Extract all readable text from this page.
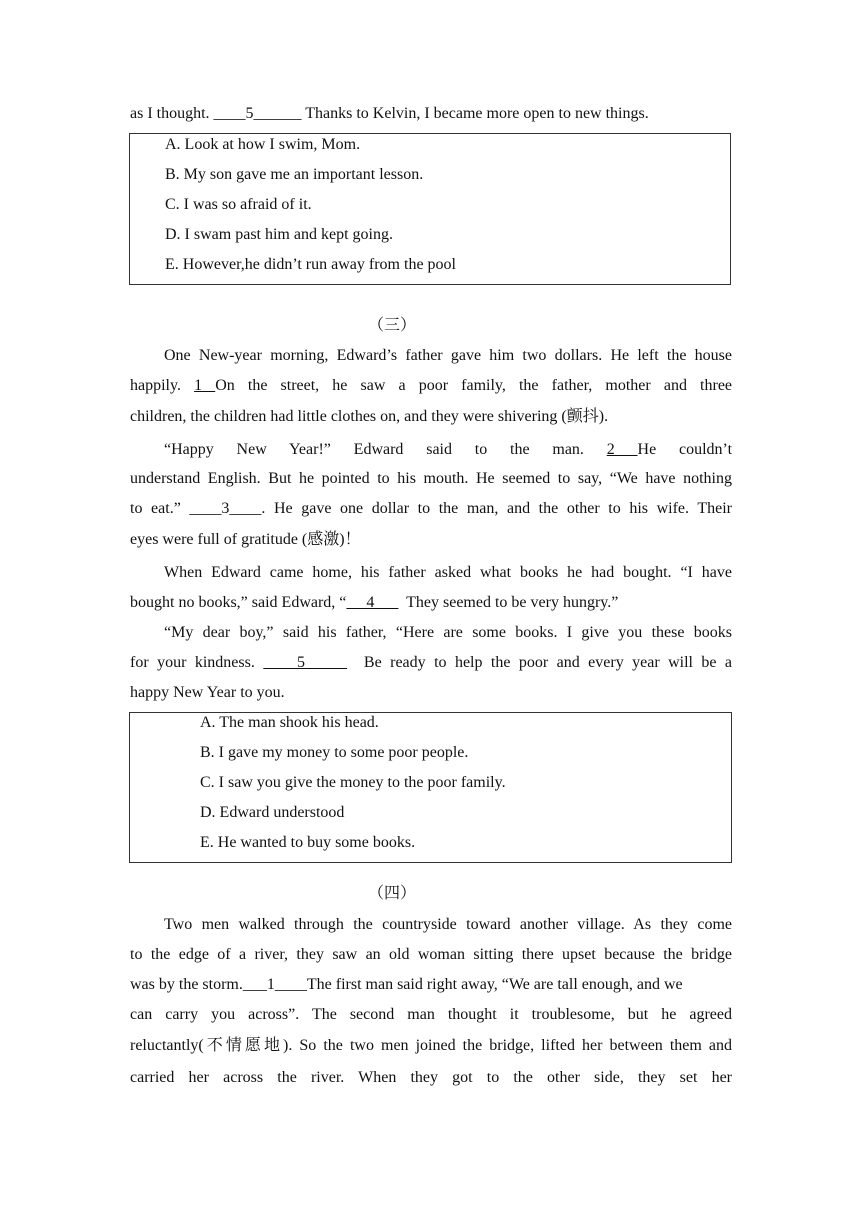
as I thought. ____5______ Thanks to Kelvin, I became more open to new things.
A. Look at how I swim, Mom.
B. My son gave me an important lesson.
C. I was so afraid of it.
D. I swam past him and kept going.
E. However,he didn’t run away from the pool
（三）
One New-year morning, Edward’s father gave him two dollars. He left the house
happily. 1 On the street, he saw a poor family, the father, mother and three
children, the children had little clothes on, and they were shivering (颤抖).
“Happy New Year!” Edward said to the man. 2 He couldn’t
understand English. But he pointed to his mouth. He seemed to say, “We have nothing
to eat.” ____3____. He gave one dollar to the man, and the other to his wife. Their
eyes were full of gratitude (感激)！
When Edward came home, his father asked what books he had bought. “I have
bought no books,” said Edward, “     4        They seemed to be very hungry.”
“My dear boy,” said his father, “Here are some books. I give you these books
for your kindness.     5       Be ready to help the poor and every year will be a
happy New Year to you.
A. The man shook his head.
B. I gave my money to some poor people.
C. I saw you give the money to the poor family.
D. Edward understood
E. He wanted to buy some books.
（四）
Two men walked through the countryside toward another village. As they come
to the edge of a river, they saw an old woman sitting there upset because the bridge
was by the storm.___1____The first man said right away, “We are tall enough, and we
can carry you across”. The second man thought it troublesome, but he agreed
reluctantly(不情愿地). So the two men joined the bridge, lifted her between them and
carried her across the river. When they got to the other side, they set her
